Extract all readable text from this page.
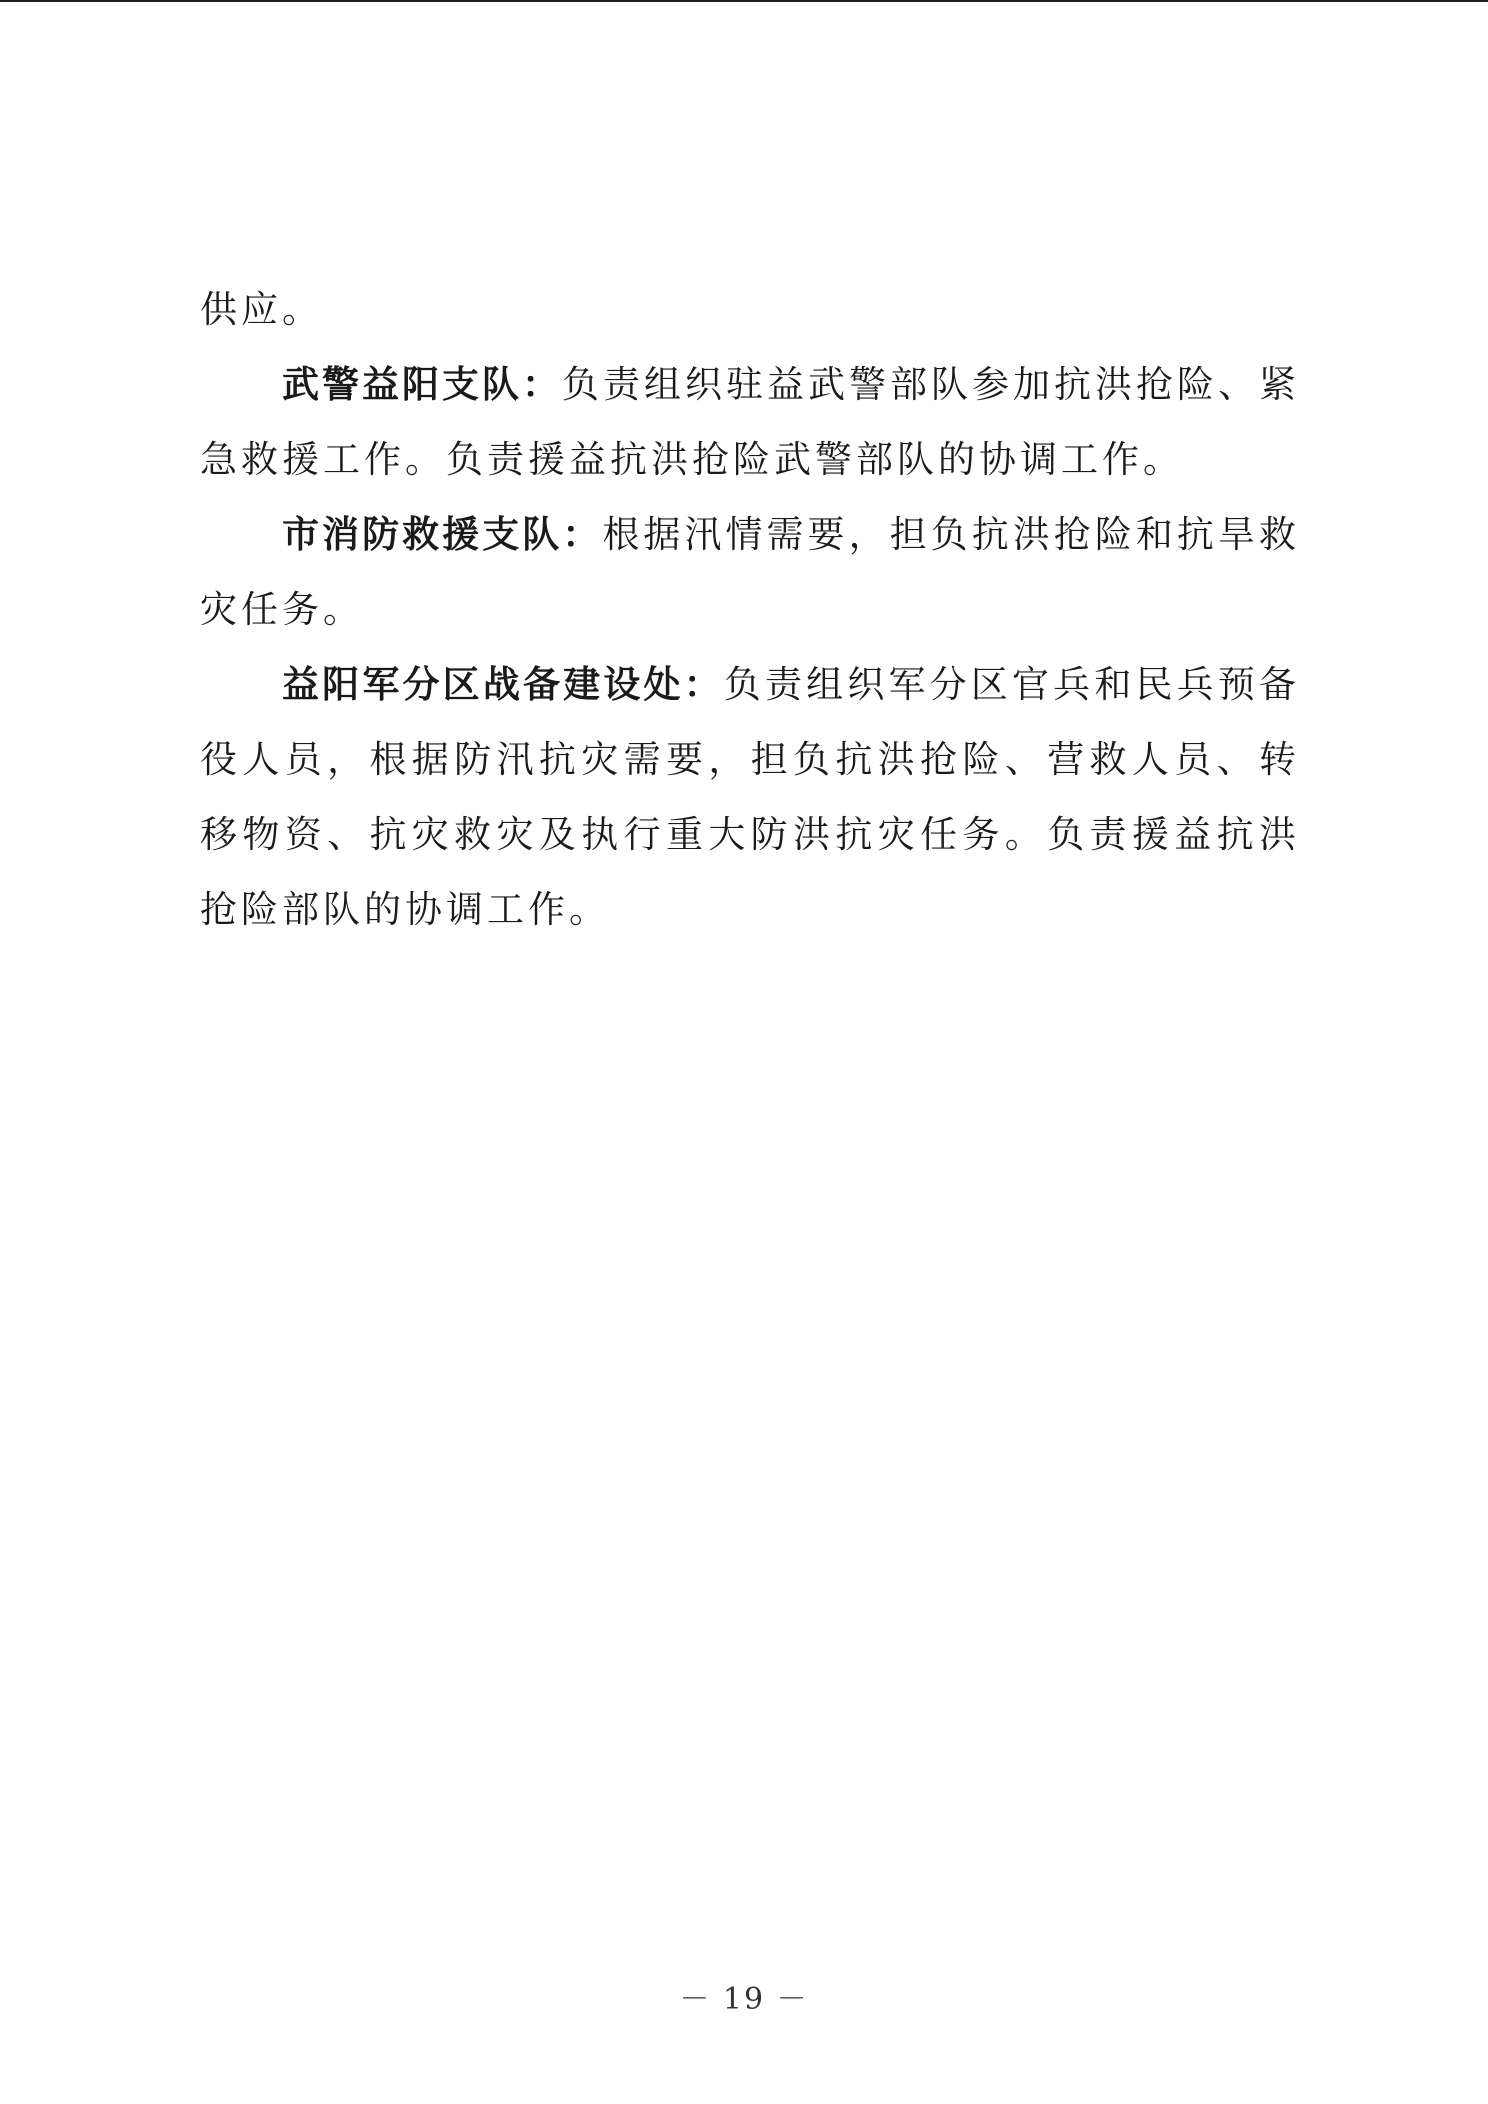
供应。

武警益阳支队：负责组织驻益武警部队参加抗洪抢险、紧急救援工作。负责援益抗洪抢险武警部队的协调工作。

市消防救援支队：根据汛情需要，担负抗洪抢险和抗旱救灾任务。

益阳军分区战备建设处：负责组织军分区官兵和民兵预备役人员，根据防汛抗灾需要，担负抗洪抢险、营救人员、转移物资、抗灾救灾及执行重大防洪抗灾任务。负责援益抗洪抢险部队的协调工作。

－ 19 －
